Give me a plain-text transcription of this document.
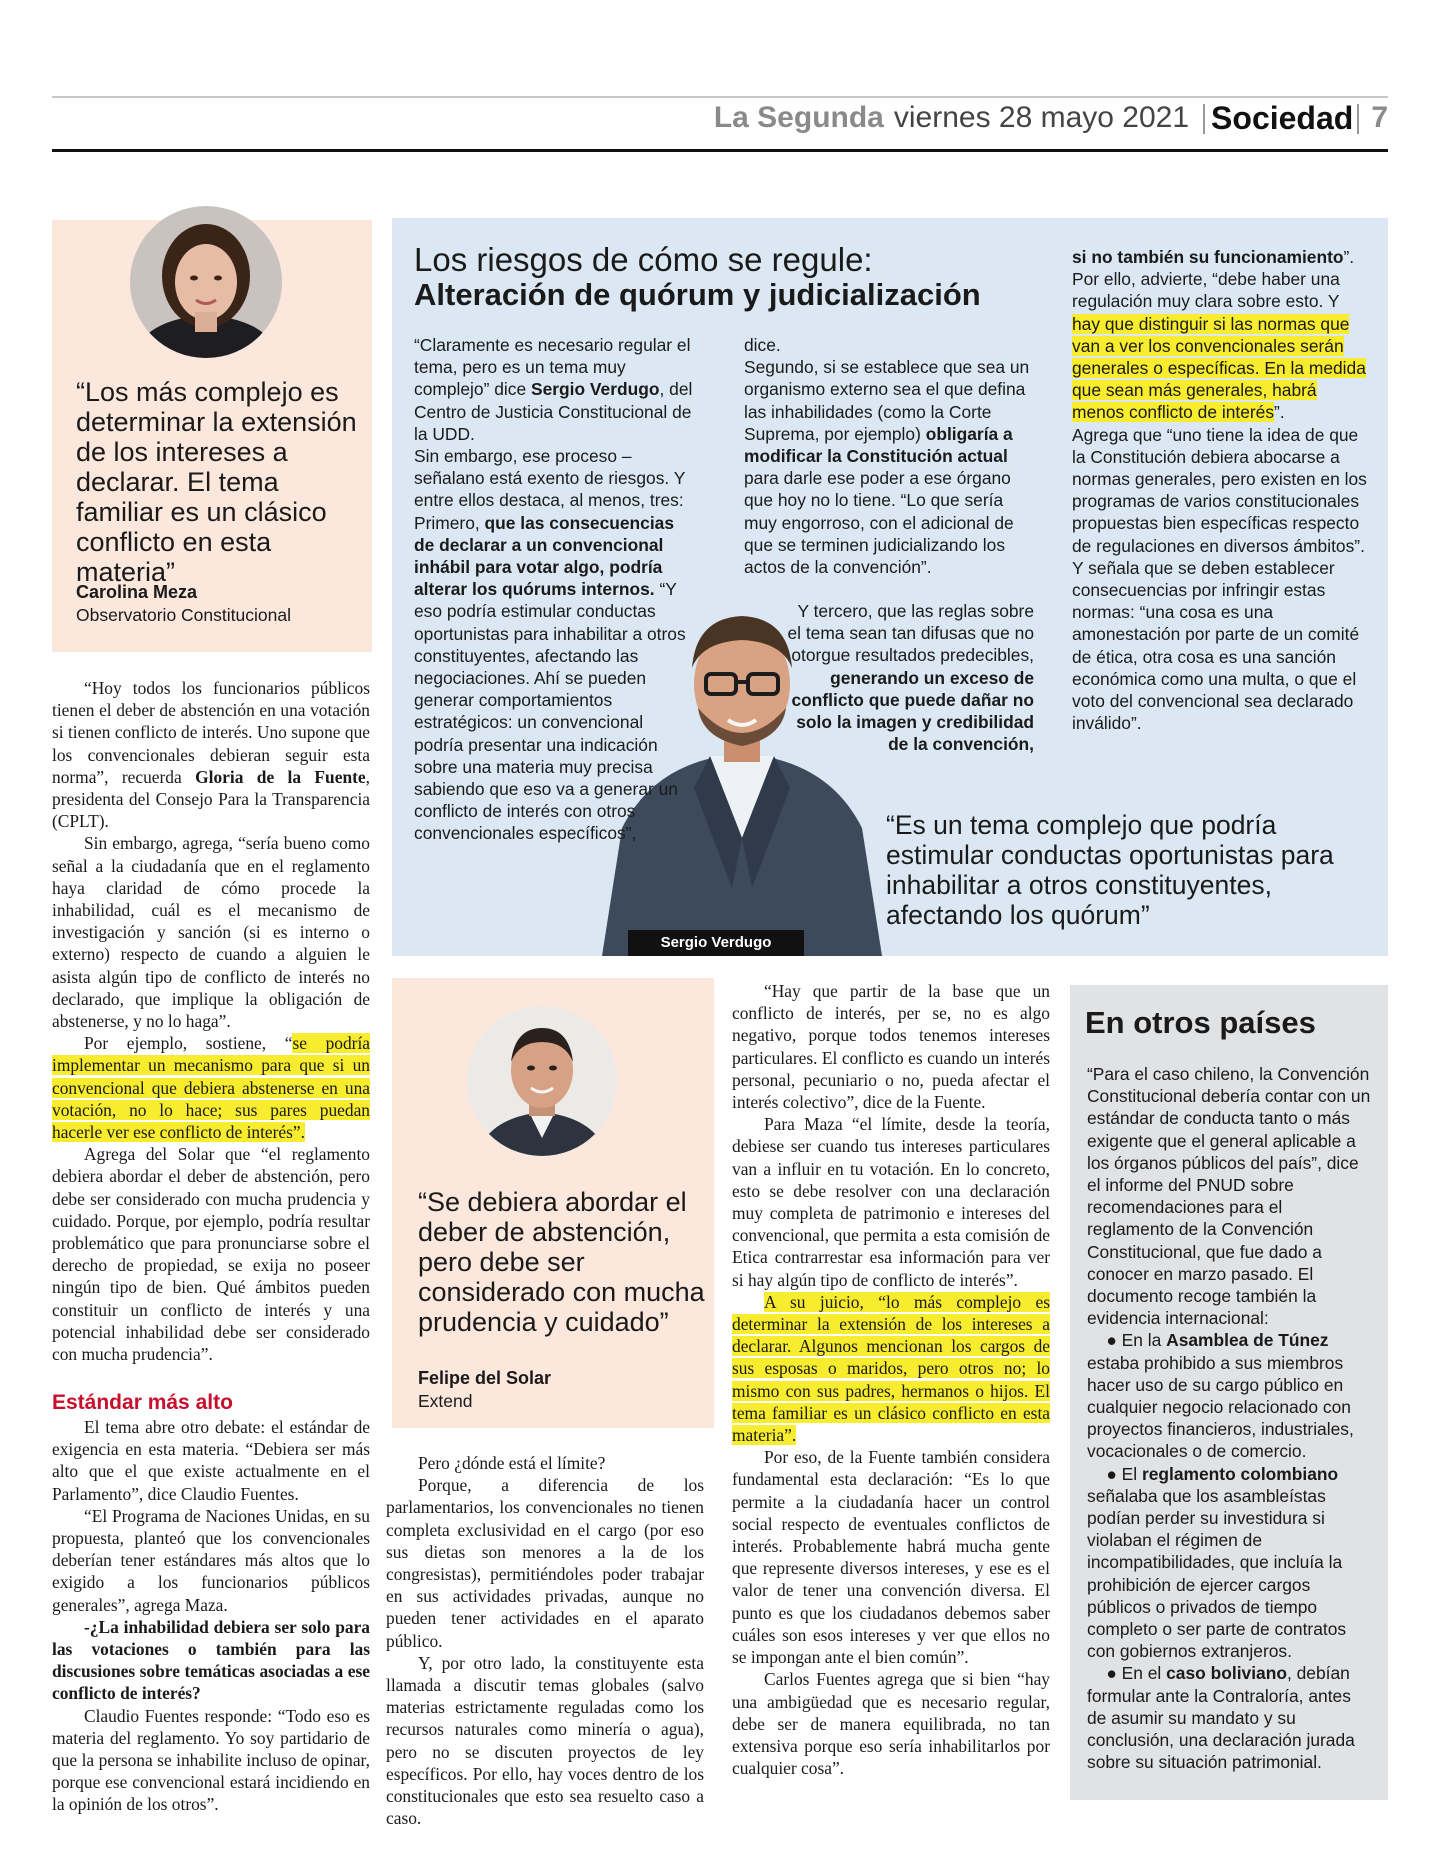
La Segunda viernes 28 mayo 2021 Sociedad 7
“Los más complejo es determinar la extensión de los intereses a declarar. El tema familiar es un clásico conflicto en esta materia”
Carolina Meza
Observatorio Constitucional

“Hoy todos los funcionarios públicos tienen el deber de abstención en una votación si tienen conflicto de interés. Uno supone que los convencionales debieran seguir esta norma”, recuerda Gloria de la Fuente, presidenta del Consejo Para la Transparencia (CPLT).

Sin embargo, agrega, “sería bueno como señal a la ciudadanía que en el reglamento haya claridad de cómo procede la inhabilidad, cuál es el mecanismo de investigación y sanción (si es interno o externo) respecto de cuando a alguien le asista algún tipo de conflicto de interés no declarado, que implique la obligación de abstenerse, y no lo haga”.

Por ejemplo, sostiene, “se podría implementar un mecanismo para que si un convencional que debiera abstenerse en una votación, no lo hace; sus pares puedan hacerle ver ese conflicto de interés”.

Agrega del Solar que “el reglamento debiera abordar el deber de abstención, pero debe ser considerado con mucha prudencia y cuidado. Porque, por ejemplo, podría resultar problemático que para pronunciarse sobre el derecho de propiedad, se exija no poseer ningún tipo de bien. Qué ámbitos pueden constituir un conflicto de interés y una potencial inhabilidad debe ser considerado con mucha prudencia”.

Estándar más alto

El tema abre otro debate: el estándar de exigencia en esta materia. “Debiera ser más alto que el que existe actualmente en el Parlamento”, dice Claudio Fuentes.

“El Programa de Naciones Unidas, en su propuesta, planteó que los convencionales deberían tener estándares más altos que lo exigido a los funcionarios públicos generales”, agrega Maza.

-¿La inhabilidad debiera ser solo para las votaciones o también para las discusiones sobre temáticas asociadas a ese conflicto de interés?

Claudio Fuentes responde: “Todo eso es materia del reglamento. Yo soy partidario de que la persona se inhabilite incluso de opinar, porque ese convencional estará incidiendo en la opinión de los otros”.

Los riesgos de cómo se regule:
Alteración de quórum y judicialización
Sergio Verdugo
“Claramente es necesario regular el tema, pero es un tema muy complejo” dice Sergio Verdugo, del Centro de Justicia Constitucional de la UDD.
Sin embargo, ese proceso –señalano está exento de riesgos. Y entre ellos destaca, al menos, tres: Primero, que las consecuencias de declarar a un convencional inhábil para votar algo, podría alterar los quórums internos. “Y eso podría estimular conductas oportunistas para inhabilitar a otros constituyentes, afectando las negociaciones. Ahí se pueden generar comportamientos estratégicos: un convencional podría presentar una indicación sobre una materia muy precisa sabiendo que eso va a generar un conflicto de interés con otros convencionales específicos”,
dice.
Segundo, si se establece que sea un organismo externo sea el que defina las inhabilidades (como la Corte Suprema, por ejemplo) obligaría a modificar la Constitución actual para darle ese poder a ese órgano que hoy no lo tiene. “Lo que sería muy engorroso, con el adicional de que se terminen judicializando los actos de la convención”.
Y tercero, que las reglas sobre el tema sean tan difusas que no otorgue resultados predecibles, generando un exceso de conflicto que puede dañar no solo la imagen y credibilidad de la convención,
si no también su funcionamiento”. Por ello, advierte, “debe haber una regulación muy clara sobre esto. Y hay que distinguir si las normas que van a ver los convencionales serán generales o específicas. En la medida que sean más generales, habrá menos conflicto de interés”.
Agrega que “uno tiene la idea de que la Constitución debiera abocarse a normas generales, pero existen en los programas de varios constitucionales propuestas bien específicas respecto de regulaciones en diversos ámbitos”.
Y señala que se deben establecer consecuencias por infringir estas normas: “una cosa es una amonestación por parte de un comité de ética, otra cosa es una sanción económica como una multa, o que el voto del convencional sea declarado inválido”.
“Es un tema complejo que podría estimular conductas oportunistas para inhabilitar a otros constituyentes, afectando los quórum”
“Se debiera abordar el deber de abstención, pero debe ser considerado con mucha prudencia y cuidado”
Felipe del Solar
Extend

Pero ¿dónde está el límite?

Porque, a diferencia de los parlamentarios, los convencionales no tienen completa exclusividad en el cargo (por eso sus dietas son menores a la de los congresistas), permitiéndoles poder trabajar en sus actividades privadas, aunque no pueden tener actividades en el aparato público.

Y, por otro lado, la constituyente esta llamada a discutir temas globales (salvo materias estrictamente reguladas como los recursos naturales como minería o agua), pero no se discuten proyectos de ley específicos. Por ello, hay voces dentro de los constitucionales que esto sea resuelto caso a caso.

“Hay que partir de la base que un conflicto de interés, per se, no es algo negativo, porque todos tenemos intereses particulares. El conflicto es cuando un interés personal, pecuniario o no, pueda afectar el interés colectivo”, dice de la Fuente.

Para Maza “el límite, desde la teoría, debiese ser cuando tus intereses particulares van a influir en tu votación. En lo concreto, esto se debe resolver con una declaración muy completa de patrimonio e intereses del convencional, que permita a esta comisión de Etica contrarrestar esa información para ver si hay algún tipo de conflicto de interés”.

A su juicio, “lo más complejo es determinar la extensión de los intereses a declarar. Algunos mencionan los cargos de sus esposas o maridos, pero otros no; lo mismo con sus padres, hermanos o hijos. El tema familiar es un clásico conflicto en esta materia”.

Por eso, de la Fuente también considera fundamental esta declaración: “Es lo que permite a la ciudadanía hacer un control social respecto de eventuales conflictos de interés. Probablemente habrá mucha gente que represente diversos intereses, y ese es el valor de tener una convención diversa. El punto es que los ciudadanos debemos saber cuáles son esos intereses y ver que ellos no se impongan ante el bien común”.

Carlos Fuentes agrega que si bien “hay una ambigüedad que es necesario regular, debe ser de manera equilibrada, no tan extensiva porque eso sería inhabilitarlos por cualquier cosa”.

En otros países
“Para el caso chileno, la Convención Constitucional debería contar con un estándar de conducta tanto o más exigente que el general aplicable a los órganos públicos del país”, dice el informe del PNUD sobre recomendaciones para el reglamento de la Convención Constitucional, que fue dado a conocer en marzo pasado. El documento recoge también la evidencia internacional:
● En la Asamblea de Túnez estaba prohibido a sus miembros hacer uso de su cargo público en cualquier negocio relacionado con proyectos financieros, industriales, vocacionales o de comercio.
● El reglamento colombiano señalaba que los asambleístas podían perder su investidura si violaban el régimen de incompatibilidades, que incluía la prohibición de ejercer cargos públicos o privados de tiempo completo o ser parte de contratos con gobiernos extranjeros.
● En el caso boliviano, debían formular ante la Contraloría, antes de asumir su mandato y su conclusión, una declaración jurada sobre su situación patrimonial.
